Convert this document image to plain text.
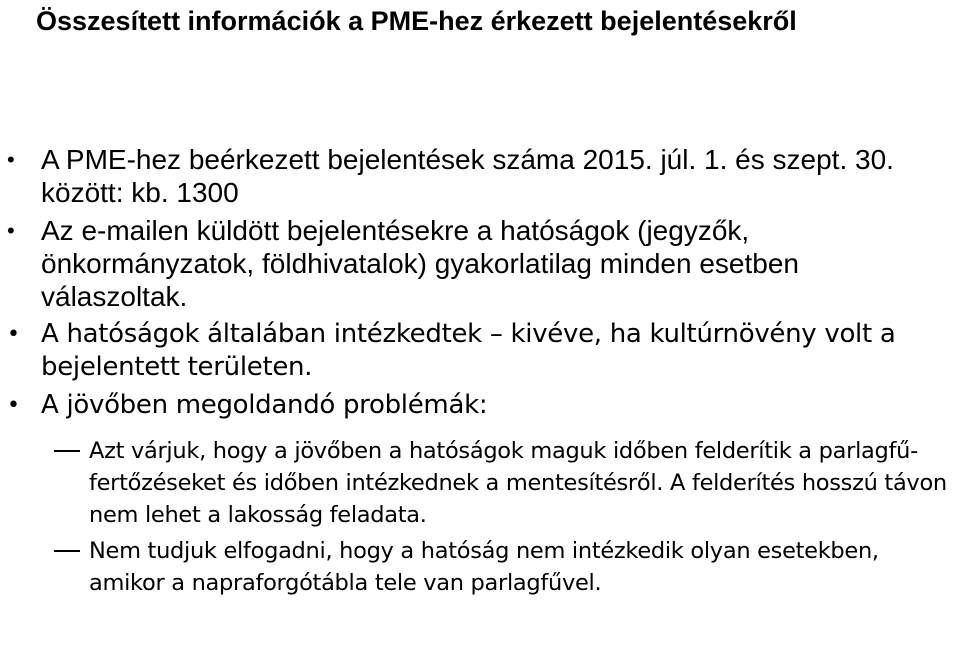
Összesített információk a PME-hez érkezett bejelentésekről
• A PME-hez beérkezett bejelentések száma 2015. júl. 1. és szept. 30. között: kb. 1300
• Az e-mailen küldött bejelentésekre a hatóságok (jegyzők, önkormányzatok, földhivatalok) gyakorlatilag minden esetben válaszoltak.
• A hatóságok általában intézkedtek – kivéve, ha kultúrnövény volt a bejelentett területen.
• A jövőben megoldandó problémák:
Azt várjuk, hogy a jövőben a hatóságok maguk időben felderítik a parlagfű-fertőzéseket és időben intézkednek a mentesítésről. A felderítés hosszú távon nem lehet a lakosság feladata.
Nem tudjuk elfogadni, hogy a hatóság nem intézkedik olyan esetekben, amikor a napraforgótábla tele van parlagfűvel.
